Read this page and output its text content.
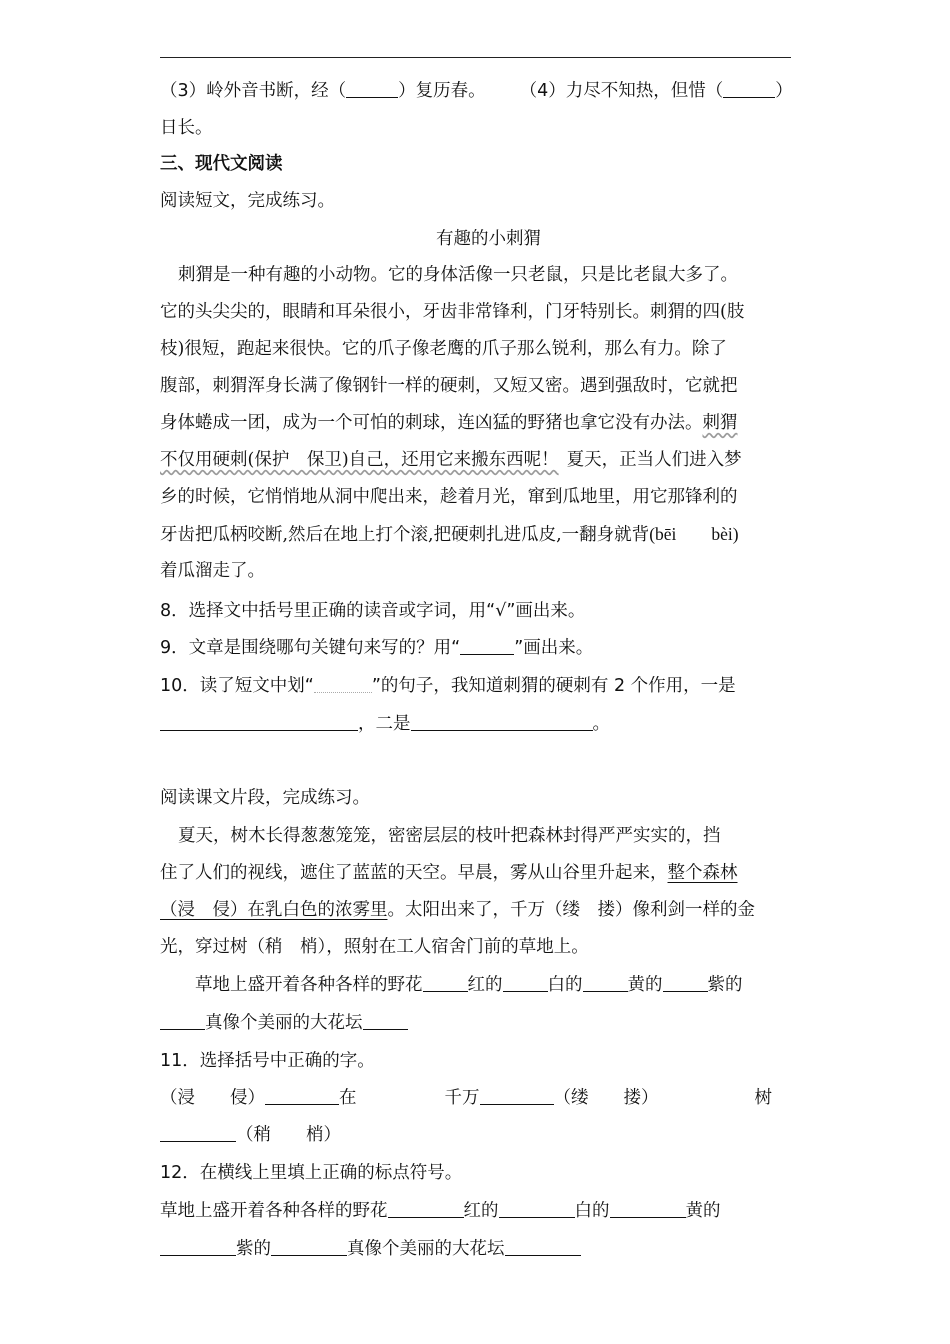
（3）岭外音书断，经（	）复历春。 （4）力尽不知热，但惜（	）
日长。
三、现代文阅读
阅读短文，完成练习。
有趣的小刺猬
刺猬是一种有趣的小动物。它的身体活像一只老鼠，只是比老鼠大多了。
它的头尖尖的，眼睛和耳朵很小，牙齿非常锋利，门牙特别长。刺猬的四(肢
枝)很短，跑起来很快。它的爪子像老鹰的爪子那么锐利，那么有力。除了
腹部，刺猬浑身长满了像钢针一样的硬刺，又短又密。遇到强敌时，它就把
身体蜷成一团，成为一个可怕的刺球，连凶猛的野猪也拿它没有办法。刺猬
不仅用硬刺(保护　保卫)自己，还用它来搬东西呢！ 夏天，正当人们进入梦
乡的时候，它悄悄地从洞中爬出来，趁着月光，窜到瓜地里，用它那锋利的
牙齿把瓜柄咬断,然后在地上打个滚,把硬刺扎进瓜皮,一翻身就背(bēi　　bèi)
着瓜溜走了。
8．选择文中括号里正确的读音或字词，用“√”画出来。
9．文章是围绕哪句关键句来写的？用“	”画出来。
10．读了短文中划“	”的句子，我知道刺猬的硬刺有 2 个作用，一是
，二是	。
阅读课文片段，完成练习。
夏天，树木长得葱葱笼笼，密密层层的枝叶把森林封得严严实实的，挡
住了人们的视线，遮住了蓝蓝的天空。早晨，雾从山谷里升起来，整个森林
（浸　侵）在乳白色的浓雾里。太阳出来了，千万（缕　搂）像利剑一样的金
光，穿过树（稍　梢），照射在工人宿舍门前的草地上。
草地上盛开着各种各样的野花	红的	白的	黄的	紫的
真像个美丽的大花坛
11．选择括号中正确的字。
（浸　　侵）	在	千万	（缕　　搂）	树
（稍　　梢）
12．在横线上里填上正确的标点符号。
草地上盛开着各种各样的野花	红的	白的	黄的
紫的	真像个美丽的大花坛
